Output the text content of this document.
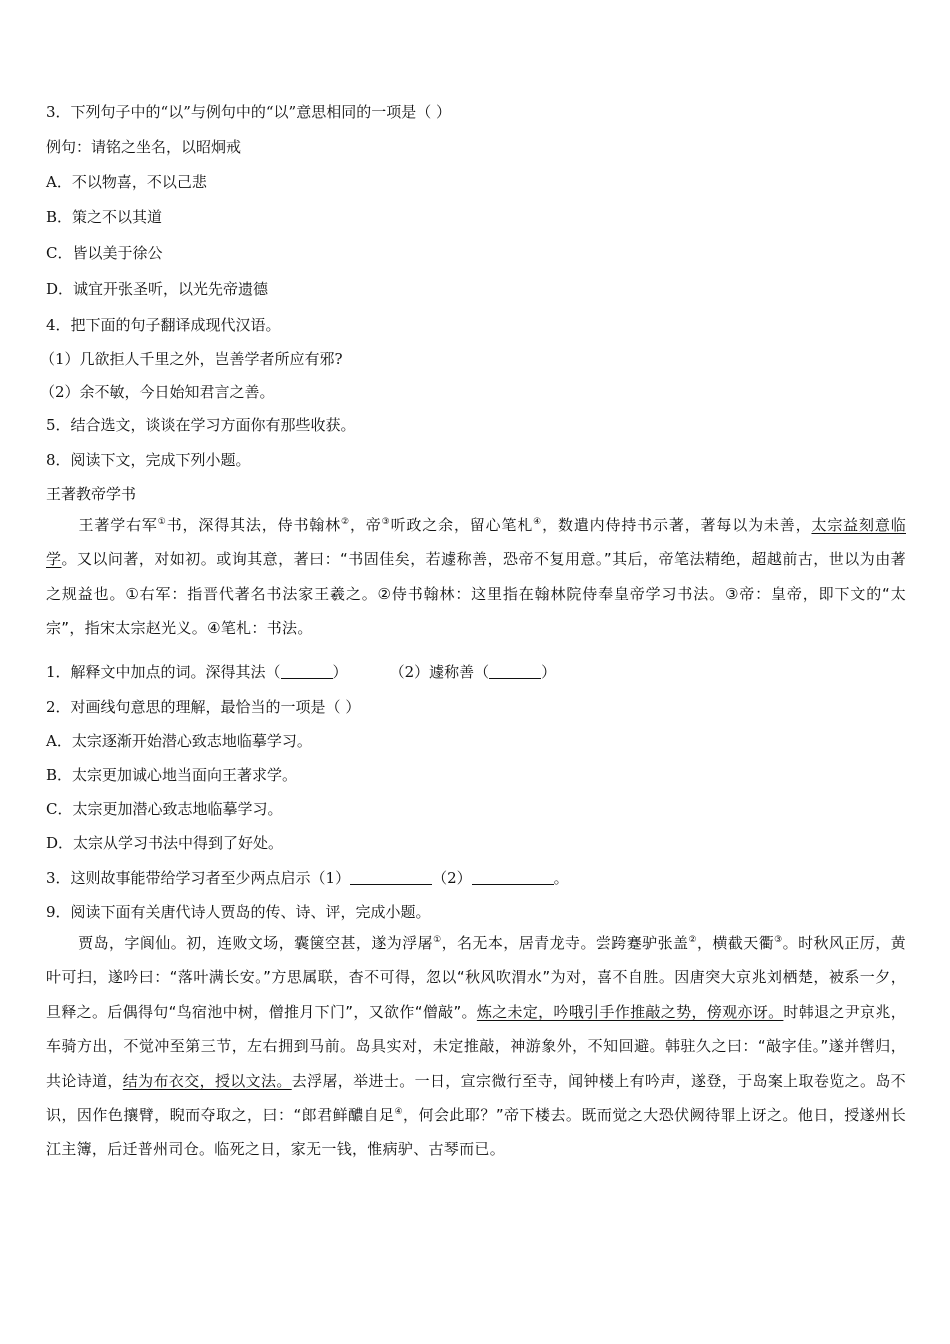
3．下列句子中的“以”与例句中的“以”意思相同的一项是（ ）
例句：请铭之坐名，以昭炯戒
A．不以物喜，不以己悲
B．策之不以其道
C．皆以美于徐公
D．诚宜开张圣听，以光先帝遗德
4．把下面的句子翻译成现代汉语。
（1）几欲拒人千里之外，岂善学者所应有邪?
（2）余不敏，今日始知君言之善。
5．结合选文，谈谈在学习方面你有那些收获。
8．阅读下文，完成下列小题。
王著教帝学书
王著学右军①书，深得其法，侍书翰林②，帝③听政之余，留心笔札④，数遣内侍持书示著，著每以为未善，太宗益刻意临学。又以问著，对如初。或询其意，著曰：“书固佳矣，若遽称善，恐帝不复用意。”其后，帝笔法精绝，超越前古，世以为由著之规益也。①右军：指晋代著名书法家王羲之。②侍书翰林：这里指在翰林院侍奉皇帝学习书法。③帝：皇帝，即下文的“太宗”，指宋太宗赵光义。④笔札：书法。
1．解释文中加点的词。深得其法（	）	（2）遽称善（	）
2．对画线句意思的理解，最恰当的一项是（ ）
A．太宗逐渐开始潜心致志地临摹学习。
B．太宗更加诚心地当面向王著求学。
C．太宗更加潜心致志地临摹学习。
D．太宗从学习书法中得到了好处。
3．这则故事能带给学习者至少两点启示（1）	（2）	。
9．阅读下面有关唐代诗人贾岛的传、诗、评，完成小题。
贾岛，字阆仙。初，连败文场，囊箧空甚，遂为浮屠①，名无本，居青龙寺。尝跨蹇驴张盖②，横截天衢③。时秋风正厉，黄叶可扫，遂吟曰：“落叶满长安。”方思属联，杳不可得，忽以“秋风吹渭水”为对，喜不自胜。因唐突大京兆刘栖楚，被系一夕，旦释之。后偶得句“鸟宿池中树，僧推月下门”，又欲作“僧敲”。炼之未定，吟哦引手作推敲之势，傍观亦讶。时韩退之尹京兆，车骑方出，不觉冲至第三节，左右拥到马前。岛具实对，未定推敲，神游象外，不知回避。韩驻久之曰：“敲字佳。”遂并辔归，共论诗道，结为布衣交，授以文法。去浮屠，举进士。一日，宣宗微行至寺，闻钟楼上有吟声，遂登，于岛案上取卷览之。岛不识，因作色攘臂，睨而夺取之，曰：“郎君鲜醲自足④，何会此耶？”帝下楼去。既而觉之大恐伏阙待罪上讶之。他日，授遂州长江主簿，后迁普州司仓。临死之日，家无一钱，惟病驴、古琴而已。
